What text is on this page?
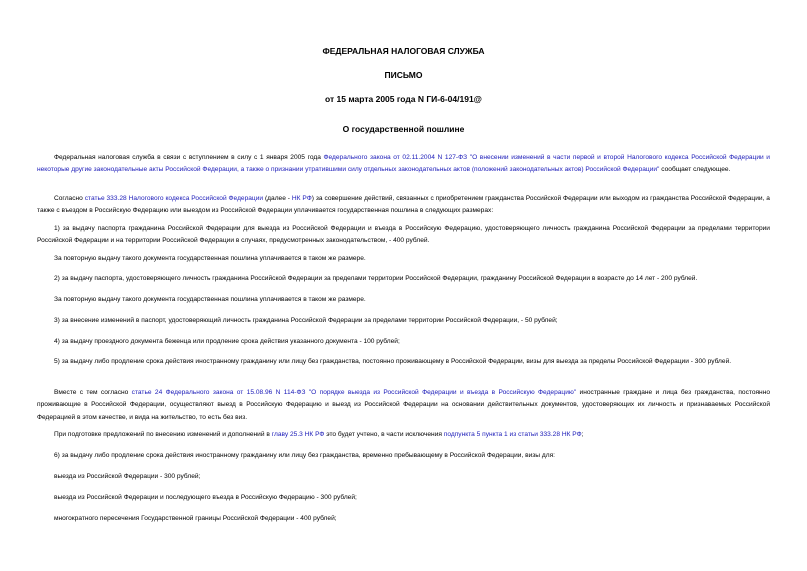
ФЕДЕРАЛЬНАЯ НАЛОГОВАЯ СЛУЖБА
ПИСЬМО
от 15 марта 2005 года N ГИ-6-04/191@
О государственной пошлине
Федеральная налоговая служба в связи с вступлением в силу с 1 января 2005 года Федерального закона от 02.11.2004 N 127-ФЗ "О внесении изменений в части первой и второй Налогового кодекса Российской Федерации и некоторые другие законодательные акты Российской Федерации, а также о признании утратившими силу отдельных законодательных актов (положений законодательных актов) Российской Федерации" сообщает следующее.
Согласно статье 333.28 Налогового кодекса Российской Федерации (далее - НК РФ) за совершение действий, связанных с приобретением гражданства Российской Федерации или выходом из гражданства Российской Федерации, а также с въездом в Российскую Федерацию или выездом из Российской Федерации уплачивается государственная пошлина в следующих размерах:
1) за выдачу паспорта гражданина Российской Федерации для выезда из Российской Федерации и въезда в Российскую Федерацию, удостоверяющего личность гражданина Российской Федерации за пределами территории Российской Федерации и на территории Российской Федерации в случаях, предусмотренных законодательством, - 400 рублей.
За повторную выдачу такого документа государственная пошлина уплачивается в таком же размере.
2) за выдачу паспорта, удостоверяющего личность гражданина Российской Федерации за пределами территории Российской Федерации, гражданину Российской Федерации в возрасте до 14 лет - 200 рублей.
За повторную выдачу такого документа государственная пошлина уплачивается в таком же размере.
3) за внесение изменений в паспорт, удостоверяющий личность гражданина Российской Федерации за пределами территории Российской Федерации, - 50 рублей;
4) за выдачу проездного документа беженца или продление срока действия указанного документа - 100 рублей;
5) за выдачу либо продление срока действия иностранному гражданину или лицу без гражданства, постоянно проживающему в Российской Федерации, визы для выезда за пределы Российской Федерации - 300 рублей.
Вместе с тем согласно статье 24 Федерального закона от 15.08.96 N 114-ФЗ "О порядке выезда из Российской Федерации и въезда в Российскую Федерацию" иностранные граждане и лица без гражданства, постоянно проживающие в Российской Федерации, осуществляют выезд в Российскую Федерацию и выезд из Российской Федерации на основании действительных документов, удостоверяющих их личность и признаваемых Российской Федерацией в этом качестве, и вида на жительство, то есть без виз.
При подготовке предложений по внесению изменений и дополнений в главу 25.3 НК РФ это будет учтено, в части исключения подпункта 5 пункта 1 из статьи 333.28 НК РФ;
6) за выдачу либо продление срока действия иностранному гражданину или лицу без гражданства, временно пребывающему в Российской Федерации, визы для:
выезда из Российской Федерации - 300 рублей;
выезда из Российской Федерации и последующего въезда в Российскую Федерацию - 300 рублей;
многократного пересечения Государственной границы Российской Федерации - 400 рублей;
